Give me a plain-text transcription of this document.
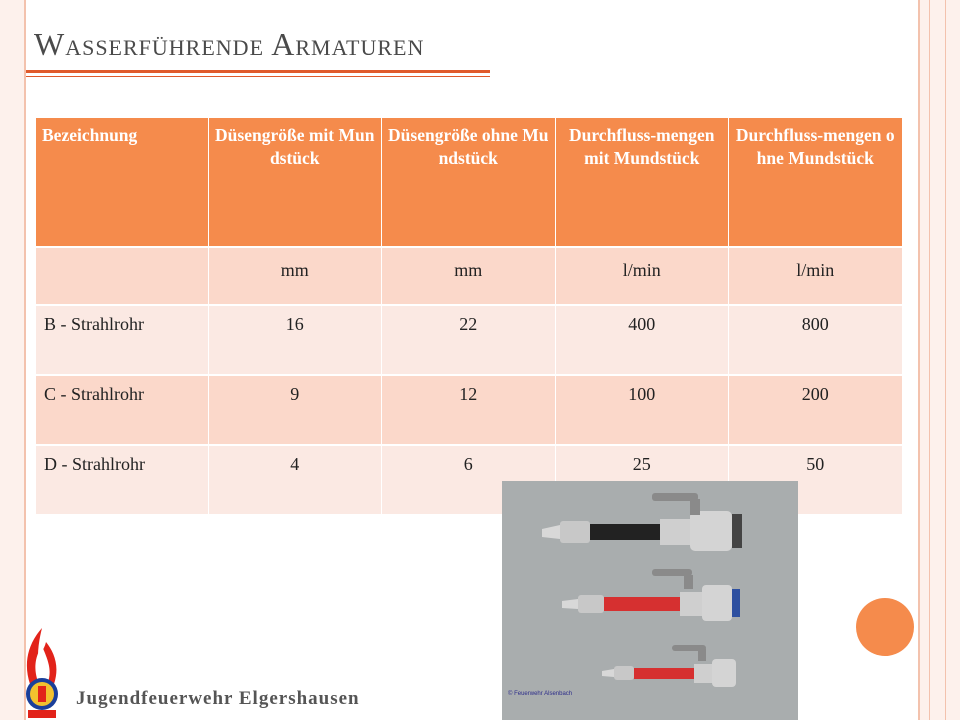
Wasserführende Armaturen
Bezeichnung	Düsengröße mit Mundstück	Düsengröße ohne Mundstück	Durchfluss-mengen mit Mundstück	Durchfluss-mengen ohne Mundstück
	mm	mm	l/min	l/min
B - Strahlrohr	16	22	400	800
C - Strahlrohr	9	12	100	200
D - Strahlrohr	4	6	25	50
© Feuerwehr Alsenbach

Jugendfeuerwehr Elgershausen
